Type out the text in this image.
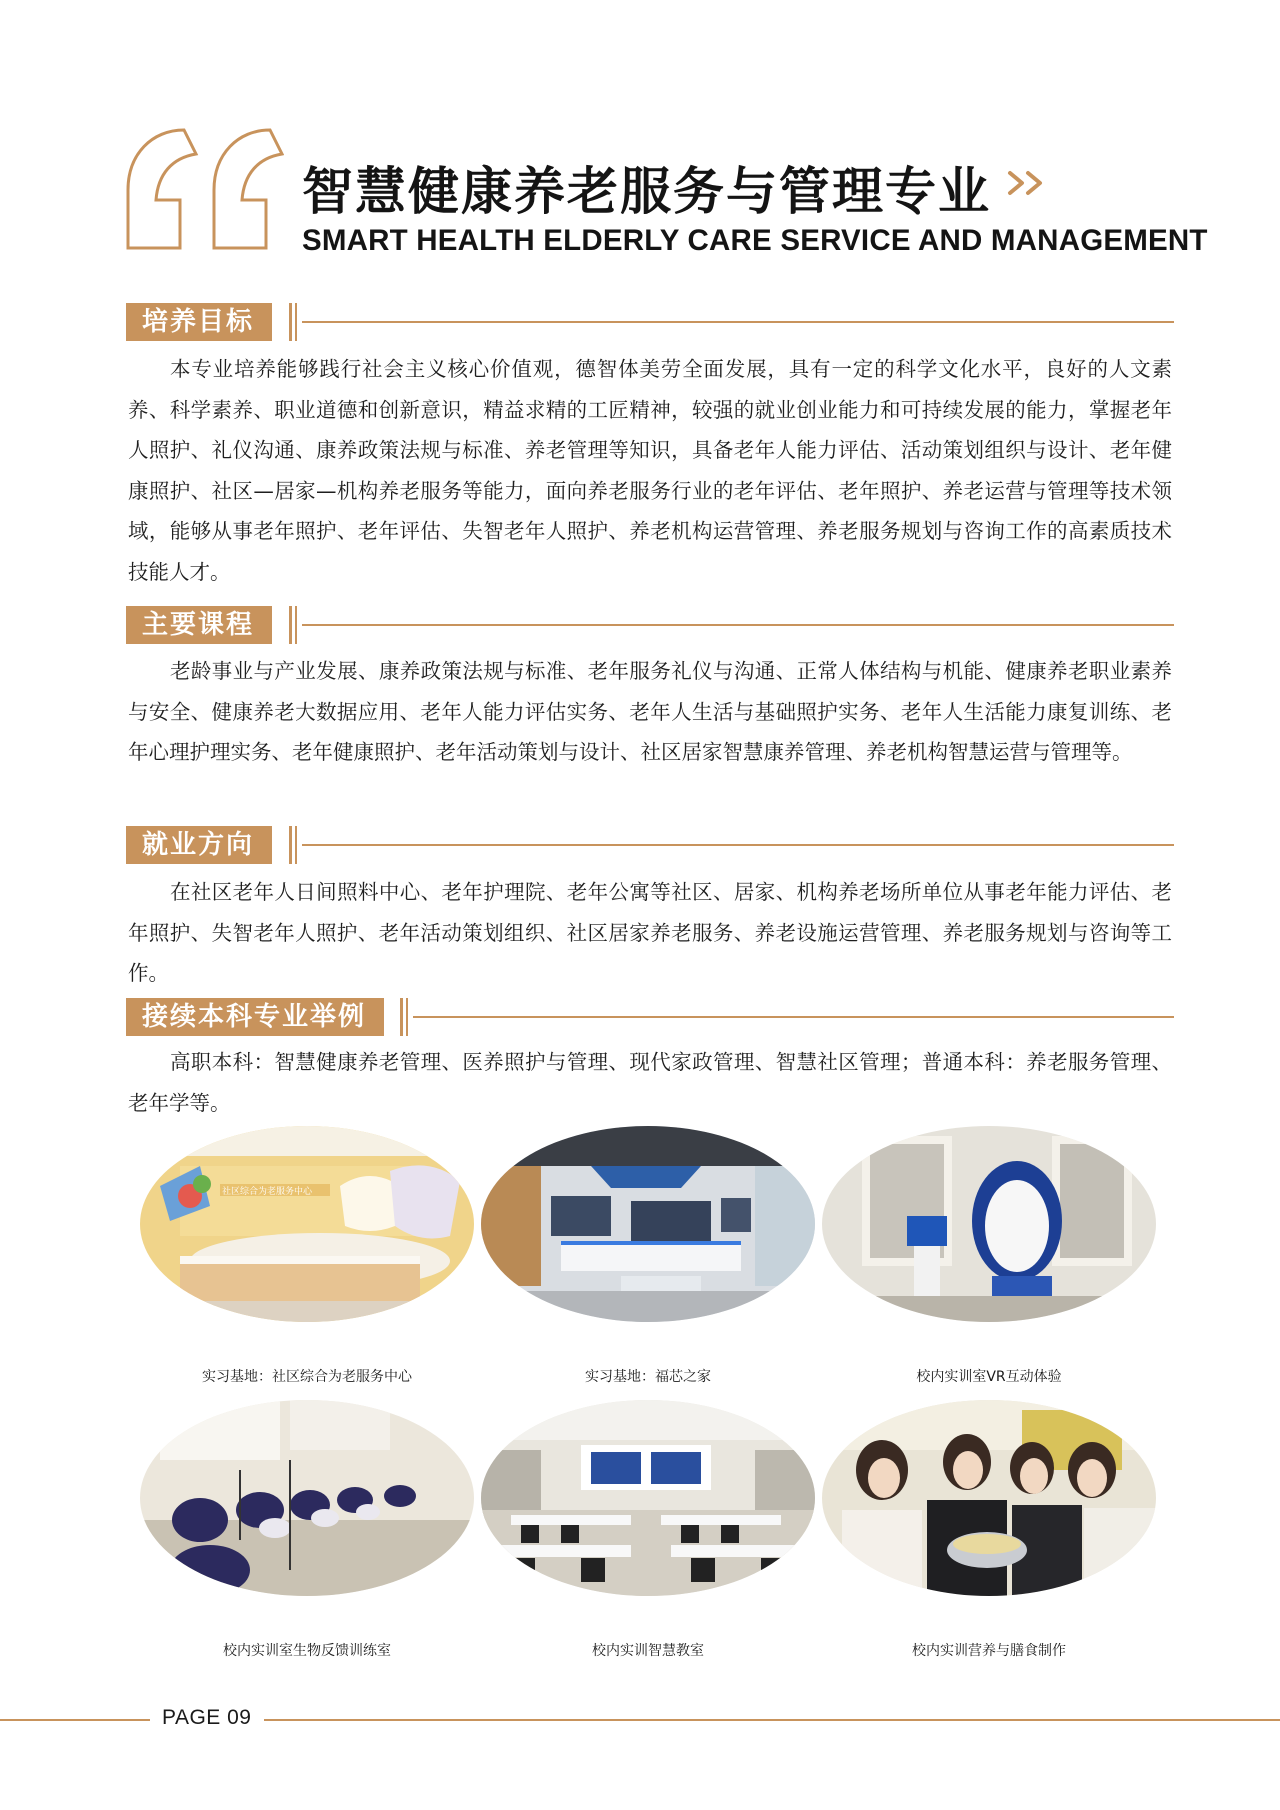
智慧健康养老服务与管理专业
SMART HEALTH ELDERLY CARE SERVICE AND MANAGEMENT
培养目标

本专业培养能够践行社会主义核心价值观，德智体美劳全面发展，具有一定的科学文化水平，良好的人文素养、科学素养、职业道德和创新意识，精益求精的工匠精神，较强的就业创业能力和可持续发展的能力，掌握老年人照护、礼仪沟通、康养政策法规与标准、养老管理等知识，具备老年人能力评估、活动策划组织与设计、老年健康照护、社区—居家—机构养老服务等能力，面向养老服务行业的老年评估、老年照护、养老运营与管理等技术领域，能够从事老年照护、老年评估、失智老年人照护、养老机构运营管理、养老服务规划与咨询工作的高素质技术技能人才。

主要课程

老龄事业与产业发展、康养政策法规与标准、老年服务礼仪与沟通、正常人体结构与机能、健康养老职业素养与安全、健康养老大数据应用、老年人能力评估实务、老年人生活与基础照护实务、老年人生活能力康复训练、老年心理护理实务、老年健康照护、老年活动策划与设计、社区居家智慧康养管理、养老机构智慧运营与管理等。

就业方向

在社区老年人日间照料中心、老年护理院、老年公寓等社区、居家、机构养老场所单位从事老年能力评估、老年照护、失智老年人照护、老年活动策划组织、社区居家养老服务、养老设施运营管理、养老服务规划与咨询等工作。

接续本科专业举例

高职本科：智慧健康养老管理、医养照护与管理、现代家政管理、智慧社区管理；普通本科：养老服务管理、老年学等。

社区综合为老服务中心
实习基地：社区综合为老服务中心	实习基地：福芯之家	校内实训室VR互动体验
校内实训室生物反馈训练室	校内实训智慧教室	校内实训营养与膳食制作
PAGE 09
